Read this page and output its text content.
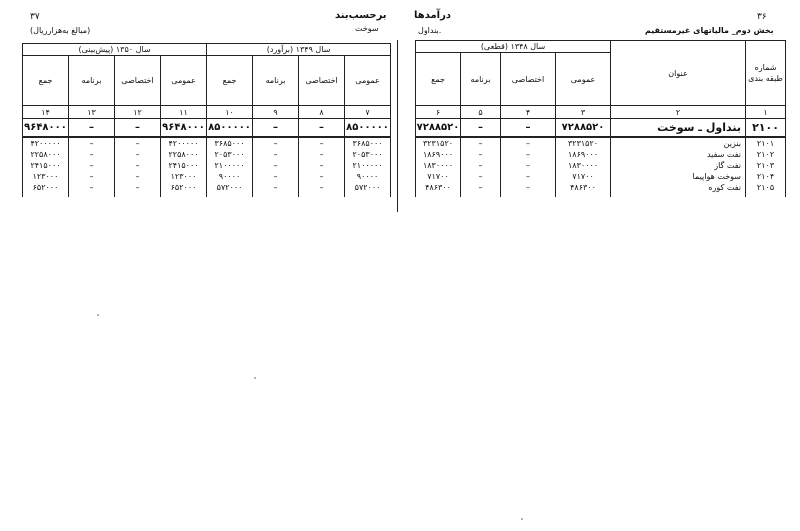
۳۷	برحسب‌بند
سوخت
(مبالغ به‌هزارریال)
سال ۱۳۵۰ (پیش‌بینی)				سال ۱۳۴۹ (برآورد)			
جمع	برنامه	اختصاصی	عمومی	جمع	برنامه	اختصاصی	عمومی
۱۴	۱۳	۱۲	۱۱	۱۰	۹	۸	۷
۹۶۴۸۰۰۰	–	–	۹۶۴۸۰۰۰	۸۵۰۰۰۰۰	–	–	۸۵۰۰۰۰۰
۴۲۰۰۰۰۰	–	–	۴۲۰۰۰۰۰	۳۶۸۵۰۰۰	–	–	۳۶۸۵۰۰۰
۲۲۵۸۰۰۰	–	–	۲۲۵۸۰۰۰	۲۰۵۳۰۰۰	–	–	۲۰۵۳۰۰۰
۲۴۱۵۰۰۰	–	–	۲۴۱۵۰۰۰	۲۱۰۰۰۰۰	–	–	۲۱۰۰۰۰۰
۱۲۳۰۰۰	–	–	۱۲۳۰۰۰	۹۰۰۰۰	–	–	۹۰۰۰۰
۶۵۲۰۰۰	–	–	۶۵۲۰۰۰	۵۷۲۰۰۰	–	–	۵۷۲۰۰۰

۳۶
درآمدها
بنداول.	بخش دوم_ مالیاتهای غیرمستقیم
سال ۱۳۴۸ (قطعی)				عنوان	شماره طبقه بندی
جمع	برنامه	اختصاصی	عمومی		
۶	۵	۴	۳	۲	۱
۷۲۸۸۵۲۰	–	–	۷۲۸۸۵۲۰	بنداول ـ سوخت	۲۱۰۰
۳۲۳۱۵۲۰	–	–	۳۲۳۱۵۲۰	بنزین	۲۱۰۱
۱۸۶۹۰۰۰	–	–	۱۸۶۹۰۰۰	نفت سفید	۲۱۰۲
۱۸۳۰۰۰۰	–	–	۱۸۳۰۰۰۰	نفت گاز	۲۱۰۳
۷۱۷۰۰	–	–	۷۱۷۰۰	سوخت هواپیما	۲۱۰۴
۴۸۶۳۰۰	–	–	۴۸۶۳۰۰	نفت کوره	۲۱۰۵
